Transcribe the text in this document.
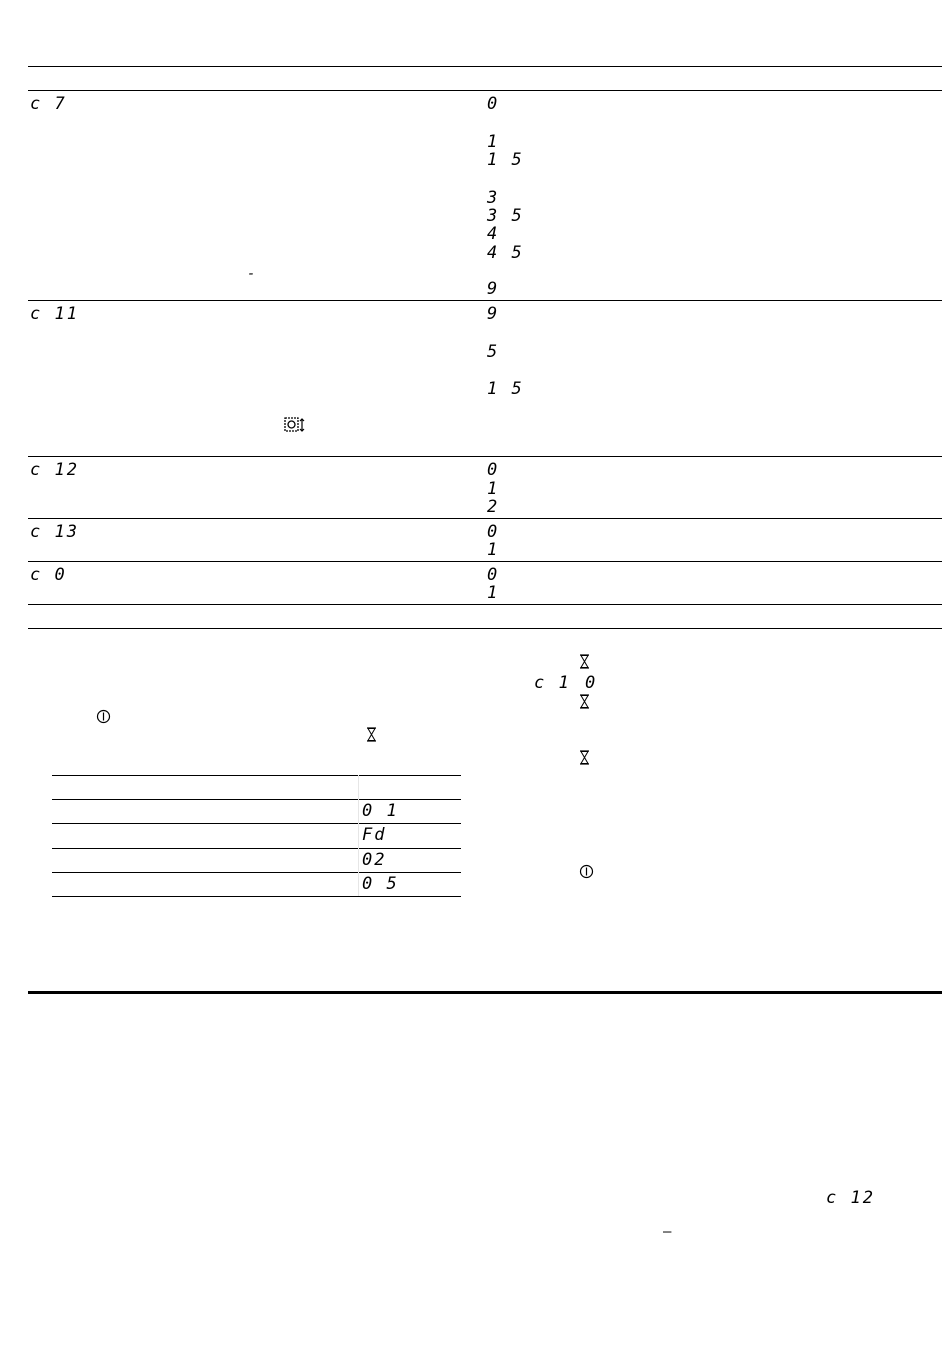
c 7	0
1
1 5
3
3 5
4
4 5
-
9
c 11	9
5
1 5
c 12	0
1
2
c 13	0
1
c 0	0
1
0 1
Fd
02
0 5
c 1 0
c 12
—
